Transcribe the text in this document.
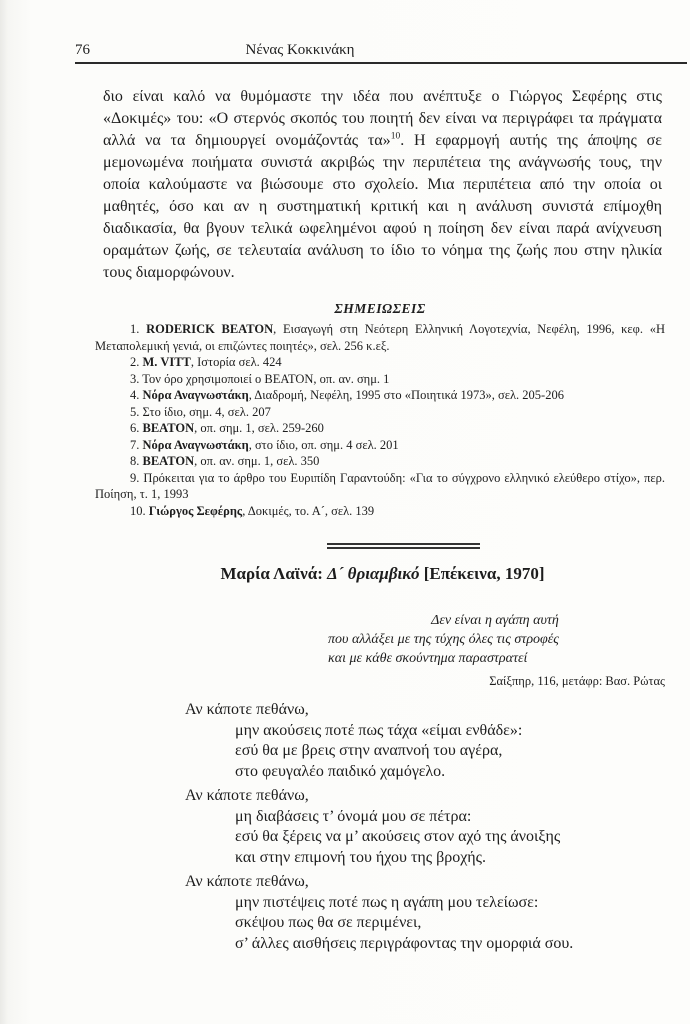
76	Νένας Κοκκινάκη

διο είναι καλό να θυμόμαστε την ιδέα που ανέπτυξε ο Γιώργος Σεφέρης στις «Δοκιμές» του: «Ο στερνός σκοπός του ποιητή δεν είναι να περιγράφει τα πράγματα αλλά να τα δημιουργεί ονομάζοντάς τα»$^{10}$. Η εφαρμογή αυτής της άποψης σε μεμονωμένα ποιήματα συνιστά ακριβώς την περιπέτεια της ανάγνωσής τους, την οποία καλούμαστε να βιώσουμε στο σχολείο. Μια περιπέτεια από την οποία οι μαθητές, όσο και αν η συστηματική κριτική και η ανάλυση συνιστά επίμοχθη διαδικασία, θα βγουν τελικά ωφελημένοι αφού η ποίηση δεν είναι παρά ανίχνευση οραμάτων ζωής, σε τελευταία ανάλυση το ίδιο το νόημα της ζωής που στην ηλικία τους διαμορφώνουν.

ΣΗΜΕΙΩΣΕΙΣ

1. RODERICK BEATON, Εισαγωγή στη Νεότερη Ελληνική Λογοτεχνία, Νεφέλη, 1996, κεφ. «Η Μεταπολεμική γενιά, οι επιζώντες ποιητές», σελ. 256 κ.εξ.

2. M. VITT, Ιστορία σελ. 424

3. Τον όρο χρησιμοποιεί ο BEATON, οπ. αν. σημ. 1

4. Νόρα Αναγνωστάκη, Διαδρομή, Νεφέλη, 1995 στο «Ποιητικά 1973», σελ. 205-206

5. Στο ίδιο, σημ. 4, σελ. 207

6. BEATON, οπ. σημ. 1, σελ. 259-260

7. Νόρα Αναγνωστάκη, στο ίδιο, οπ. σημ. 4 σελ. 201

8. BEATON, οπ. αν. σημ. 1, σελ. 350

9. Πρόκειται για το άρθρο του Ευριπίδη Γαραντούδη: «Για το σύγχρονο ελληνικό ελεύθερο στίχο», περ. Ποίηση, τ. 1, 1993

10. Γιώργος Σεφέρης, Δοκιμές, το. Α´, σελ. 139

Μαρία Λαϊνά: Δ´ θριαμβικό [Επέκεινα, 1970]
Δεν είναι η αγάπη αυτή
που αλλάξει με της τύχης όλες τις στροφές
και με κάθε σκούντημα παραστρατεί
Σαίξπηρ, 116, μετάφρ: Βασ. Ρώτας

Αν κάποτε πεθάνω,

μην ακούσεις ποτέ πως τάχα «είμαι ενθάδε»:

εσύ θα με βρεις στην αναπνοή του αγέρα,

στο φευγαλέο παιδικό χαμόγελο.

Αν κάποτε πεθάνω,

μη διαβάσεις τ’ όνομά μου σε πέτρα:

εσύ θα ξέρεις να μ’ ακούσεις στον αχό της άνοιξης

και στην επιμονή του ήχου της βροχής.

Αν κάποτε πεθάνω,

μην πιστέψεις ποτέ πως η αγάπη μου τελείωσε:

σκέψου πως θα σε περιμένει,

σ’ άλλες αισθήσεις περιγράφοντας την ομορφιά σου.
